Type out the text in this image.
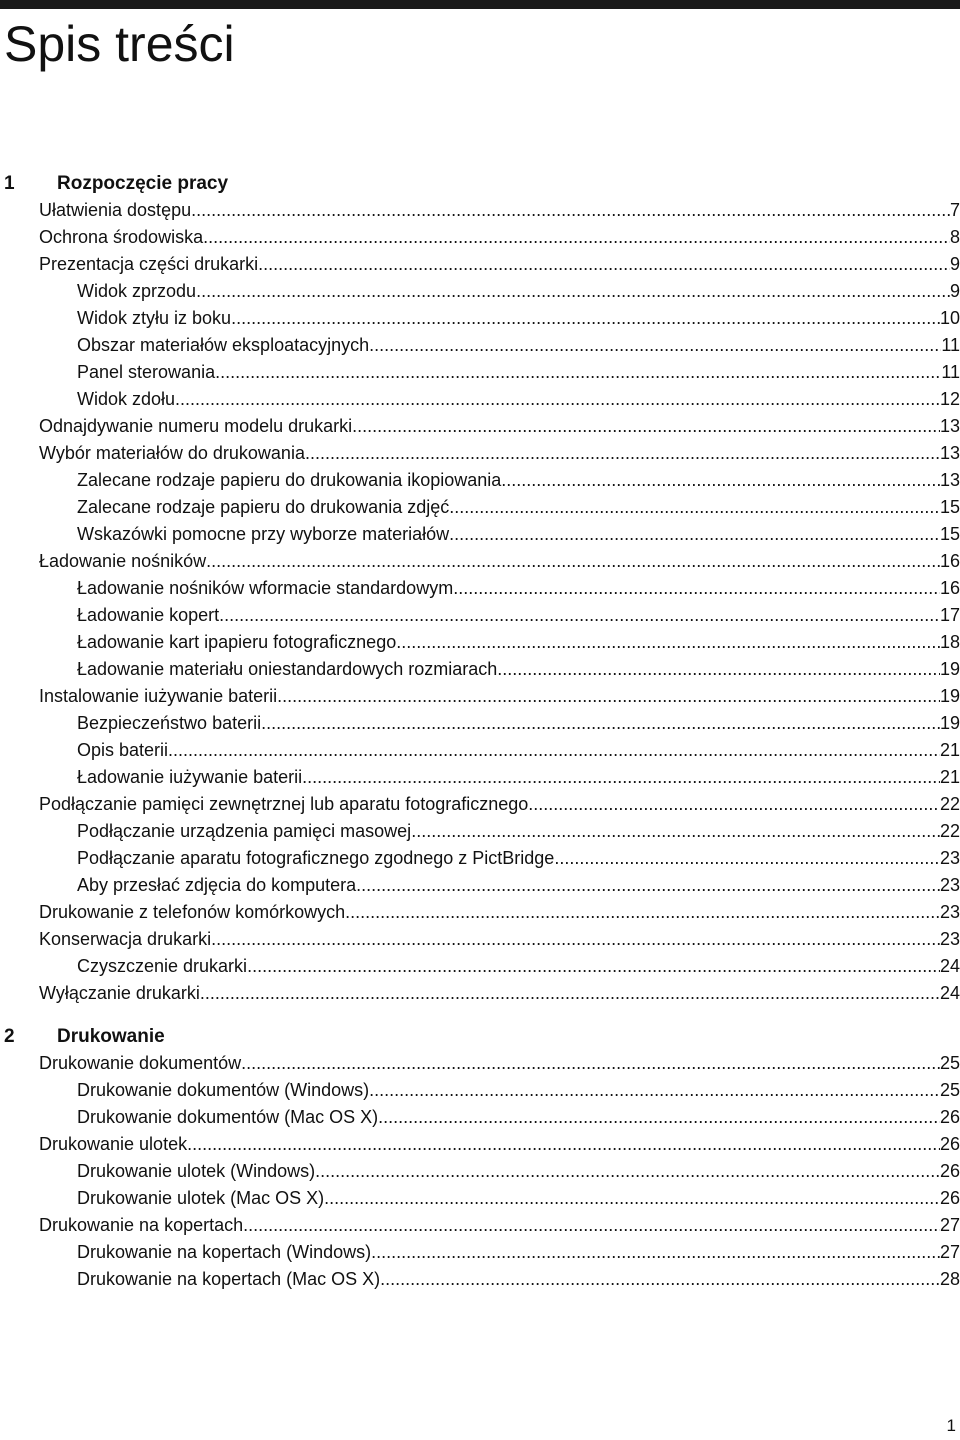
Spis treści
1 Rozpoczęcie pracy
Ułatwienia dostępu .....	7
Ochrona środowiska .....	8
Prezentacja części drukarki .....	9
Widok zprzodu .....	9
Widok ztyłu iz boku .....	10
Obszar materiałów eksploatacyjnych .....	11
Panel sterowania .....	11
Widok zdołu .....	12
Odnajdywanie numeru modelu drukarki .....	13
Wybór materiałów do drukowania .....	13
Zalecane rodzaje papieru do drukowania ikopiowania .....	13
Zalecane rodzaje papieru do drukowania zdjęć .....	15
Wskazówki pomocne przy wyborze materiałów .....	15
Ładowanie nośników .....	16
Ładowanie nośników wformacie standardowym .....	16
Ładowanie kopert .....	17
Ładowanie kart ipapieru fotograficznego .....	18
Ładowanie materiału oniestandardowych rozmiarach .....	19
Instalowanie iużywanie baterii .....	19
Bezpieczeństwo baterii .....	19
Opis baterii .....	21
Ładowanie iużywanie baterii .....	21
Podłączanie pamięci zewnętrznej lub aparatu fotograficznego .....	22
Podłączanie urządzenia pamięci masowej .....	22
Podłączanie aparatu fotograficznego zgodnego z PictBridge .....	23
Aby przesłać zdjęcia do komputera .....	23
Drukowanie z telefonów komórkowych .....	23
Konserwacja drukarki .....	23
Czyszczenie drukarki .....	24
Wyłączanie drukarki .....	24
2 Drukowanie
Drukowanie dokumentów .....	25
Drukowanie dokumentów (Windows) .....	25
Drukowanie dokumentów (Mac OS X) .....	26
Drukowanie ulotek .....	26
Drukowanie ulotek (Windows) .....	26
Drukowanie ulotek (Mac OS X) .....	26
Drukowanie na kopertach .....	27
Drukowanie na kopertach (Windows) .....	27
Drukowanie na kopertach (Mac OS X) .....	28
1
